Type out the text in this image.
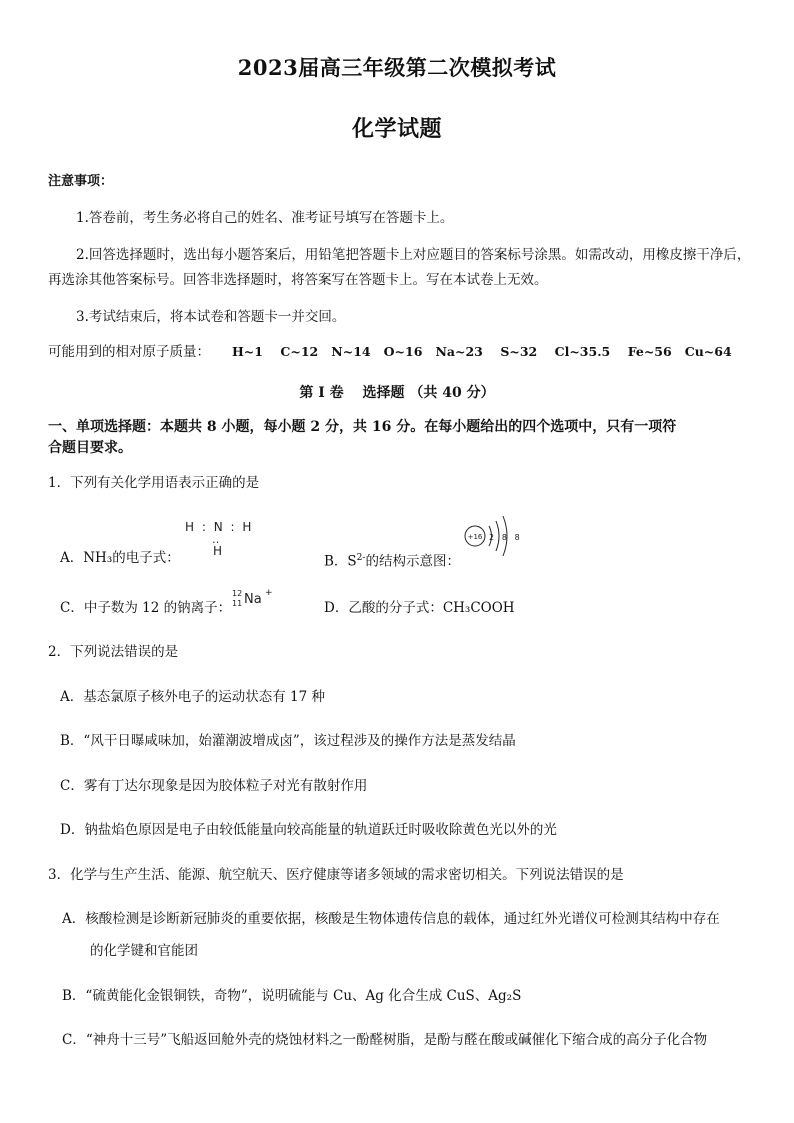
2023届高三年级第二次模拟考试
化学试题
注意事项：
1.答卷前，考生务必将自己的姓名、准考证号填写在答题卡上。
2.回答选择题时，选出每小题答案后，用铅笔把答题卡上对应题目的答案标号涂黑。如需改动，用橡皮擦干净后，
再选涂其他答案标号。回答非选择题时，将答案写在答题卡上。写在本试卷上无效。
3.考试结束后，将本试卷和答题卡一并交回。
可能用到的相对原子质量： H~1 C~12 N~14 O~16 Na~23 S~32 Cl~35.5 Fe~56 Cu~64
第 I 卷　 选择题 （共 40 分）
一、单项选择题：本题共 8 小题，每小题 2 分，共 16 分。在每小题给出的四个选项中，只有一项符
合题目要求。
1．下列有关化学用语表示正确的是
H : N : H
‥
H
A．NH₃的电子式：	B．$S^{2-}$的结构示意图：
+16 2 8 8
C．中子数为 12 的钠离子：
12
11 Na +
D．乙酸的分子式：CH₃COOH
2．下列说法错误的是
A．基态氯原子核外电子的运动状态有 17 种
B．“风干日曝咸味加，始灌潮波增成卤”，该过程涉及的操作方法是蒸发结晶
C．雾有丁达尔现象是因为胶体粒子对光有散射作用
D．钠盐焰色原因是电子由较低能量向较高能量的轨道跃迁时吸收除黄色光以外的光
3．化学与生产生活、能源、航空航天、医疗健康等诸多领域的需求密切相关。下列说法错误的是
A．核酸检测是诊断新冠肺炎的重要依据，核酸是生物体遗传信息的载体，通过红外光谱仪可检测其结构中存在
的化学键和官能团
B．“硫黄能化金银铜铁，奇物”，说明硫能与 Cu、Ag 化合生成 CuS、Ag₂S
C．“神舟十三号”飞船返回舱外壳的烧蚀材料之一酚醛树脂，是酚与醛在酸或碱催化下缩合成的高分子化合物
